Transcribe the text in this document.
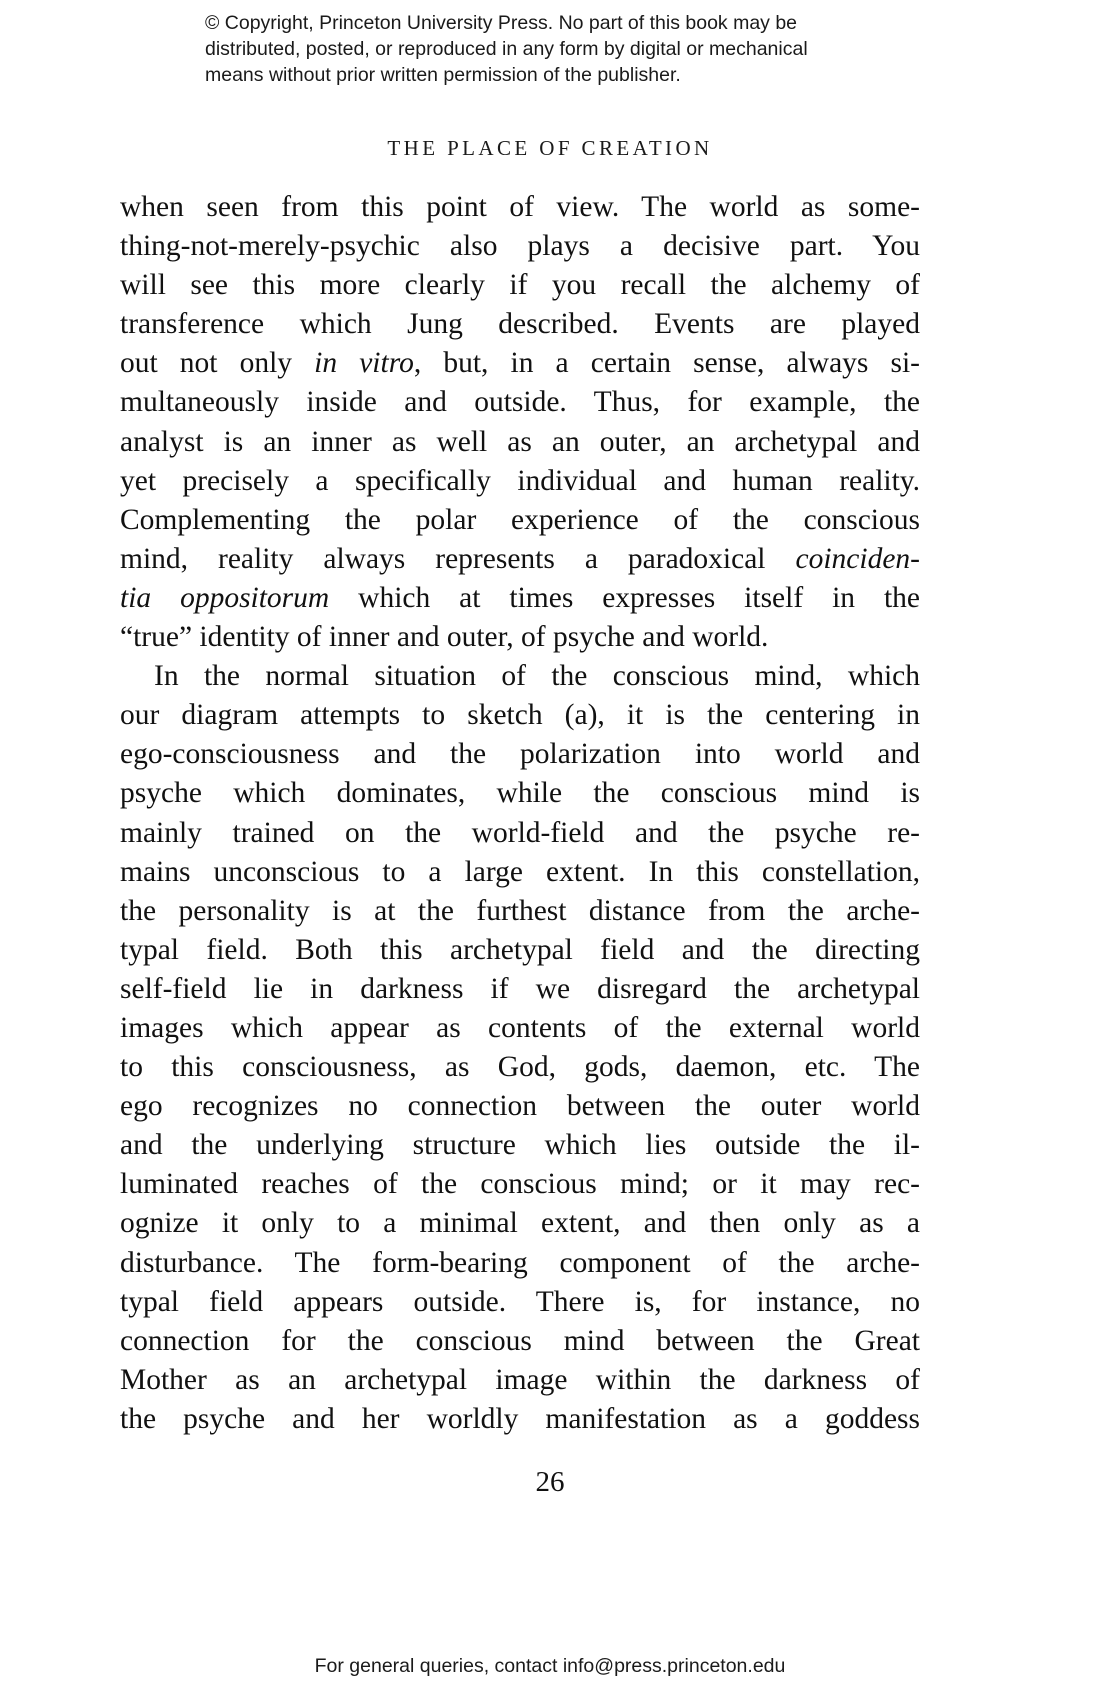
© Copyright, Princeton University Press. No part of this book may be
distributed, posted, or reproduced in any form by digital or mechanical
means without prior written permission of the publisher.
THE PLACE OF CREATION
when seen from this point of view. The world as some-
thing-not-merely-psychic also plays a decisive part. You
will see this more clearly if you recall the alchemy of
transference which Jung described. Events are played
out not only in vitro, but, in a certain sense, always si-
multaneously inside and outside. Thus, for example, the
analyst is an inner as well as an outer, an archetypal and
yet precisely a specifically individual and human reality.
Complementing the polar experience of the conscious
mind, reality always represents a paradoxical coinciden-
tia oppositorum which at times expresses itself in the
“true” identity of inner and outer, of psyche and world.
In the normal situation of the conscious mind, which
our diagram attempts to sketch (a), it is the centering in
ego-consciousness and the polarization into world and
psyche which dominates, while the conscious mind is
mainly trained on the world-field and the psyche re-
mains unconscious to a large extent. In this constellation,
the personality is at the furthest distance from the arche-
typal field. Both this archetypal field and the directing
self-field lie in darkness if we disregard the archetypal
images which appear as contents of the external world
to this consciousness, as God, gods, daemon, etc. The
ego recognizes no connection between the outer world
and the underlying structure which lies outside the il-
luminated reaches of the conscious mind; or it may rec-
ognize it only to a minimal extent, and then only as a
disturbance. The form-bearing component of the arche-
typal field appears outside. There is, for instance, no
connection for the conscious mind between the Great
Mother as an archetypal image within the darkness of
the psyche and her worldly manifestation as a goddess
26
For general queries, contact info@press.princeton.edu
